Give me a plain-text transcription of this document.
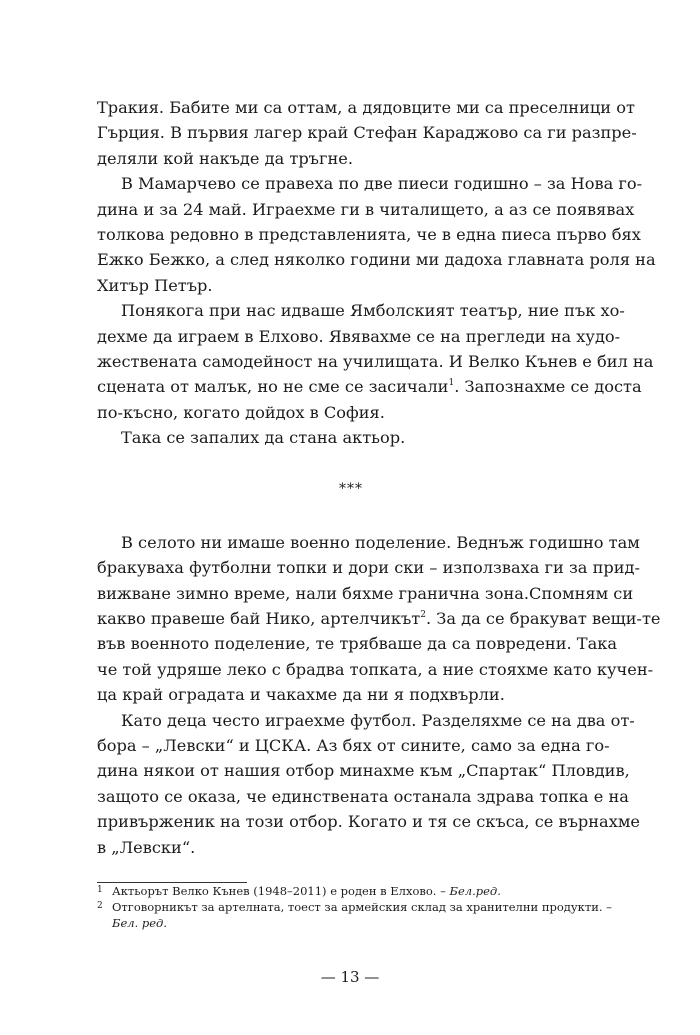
Тракия. Бабите ми са оттам, а дядовците ми са преселници от
Гърция. В първия лагер край Стефан Караджово са ги разпре-
деляли кой накъде да тръгне.
В Мамарчево се правеха по две пиеси годишно – за Нова го-
дина и за 24 май. Играехме ги в читалището, а аз се появявах
толкова редовно в представленията, че в една пиеса първо бях
Ежко Бежко, а след няколко години ми дадоха главната роля на
Хитър Петър.
Понякога при нас идваше Ямболският театър, ние пък хо-
дехме да играем в Елхово. Явявахме се на прегледи на худо-
жествената самодейност на училищата. И Велко Кънев е бил на
сцената от малък, но не сме се засичали$^1$. Запознахме се доста
по-късно, когато дойдох в София.
Така се запалих да стана актьор.
***
В селото ни имаше военно поделение. Веднъж годишно там
бракуваха футболни топки и дори ски – използваха ги за прид-
вижване зимно време, нали бяхме гранична зона.Спомням си
какво правеше бай Нико, артелчикът$^2$. За да се бракуват вещи-те
във военното поделение, те трябваше да са повредени. Така
че той удряше леко с брадва топката, а ние стояхме като кучен-
ца край оградата и чакахме да ни я подхвърли.
Като деца често играехме футбол. Разделяхме се на два от-
бора – „Левски“ и ЦСКА. Аз бях от сините, само за една го-
дина някои от нашия отбор минахме към „Спартак“ Пловдив,
защото се оказа, че единствената останала здрава топка е на
привърженик на този отбор. Когато и тя се скъса, се върнахме
в „Левски“.
1 Актьорът Велко Кънев (1948–2011) е роден в Елхово. – Бел.ред.
2 Отговорникът за артелната, тоест за армейския склад за хранителни продукти. –
Бел. ред.
— 13 —
